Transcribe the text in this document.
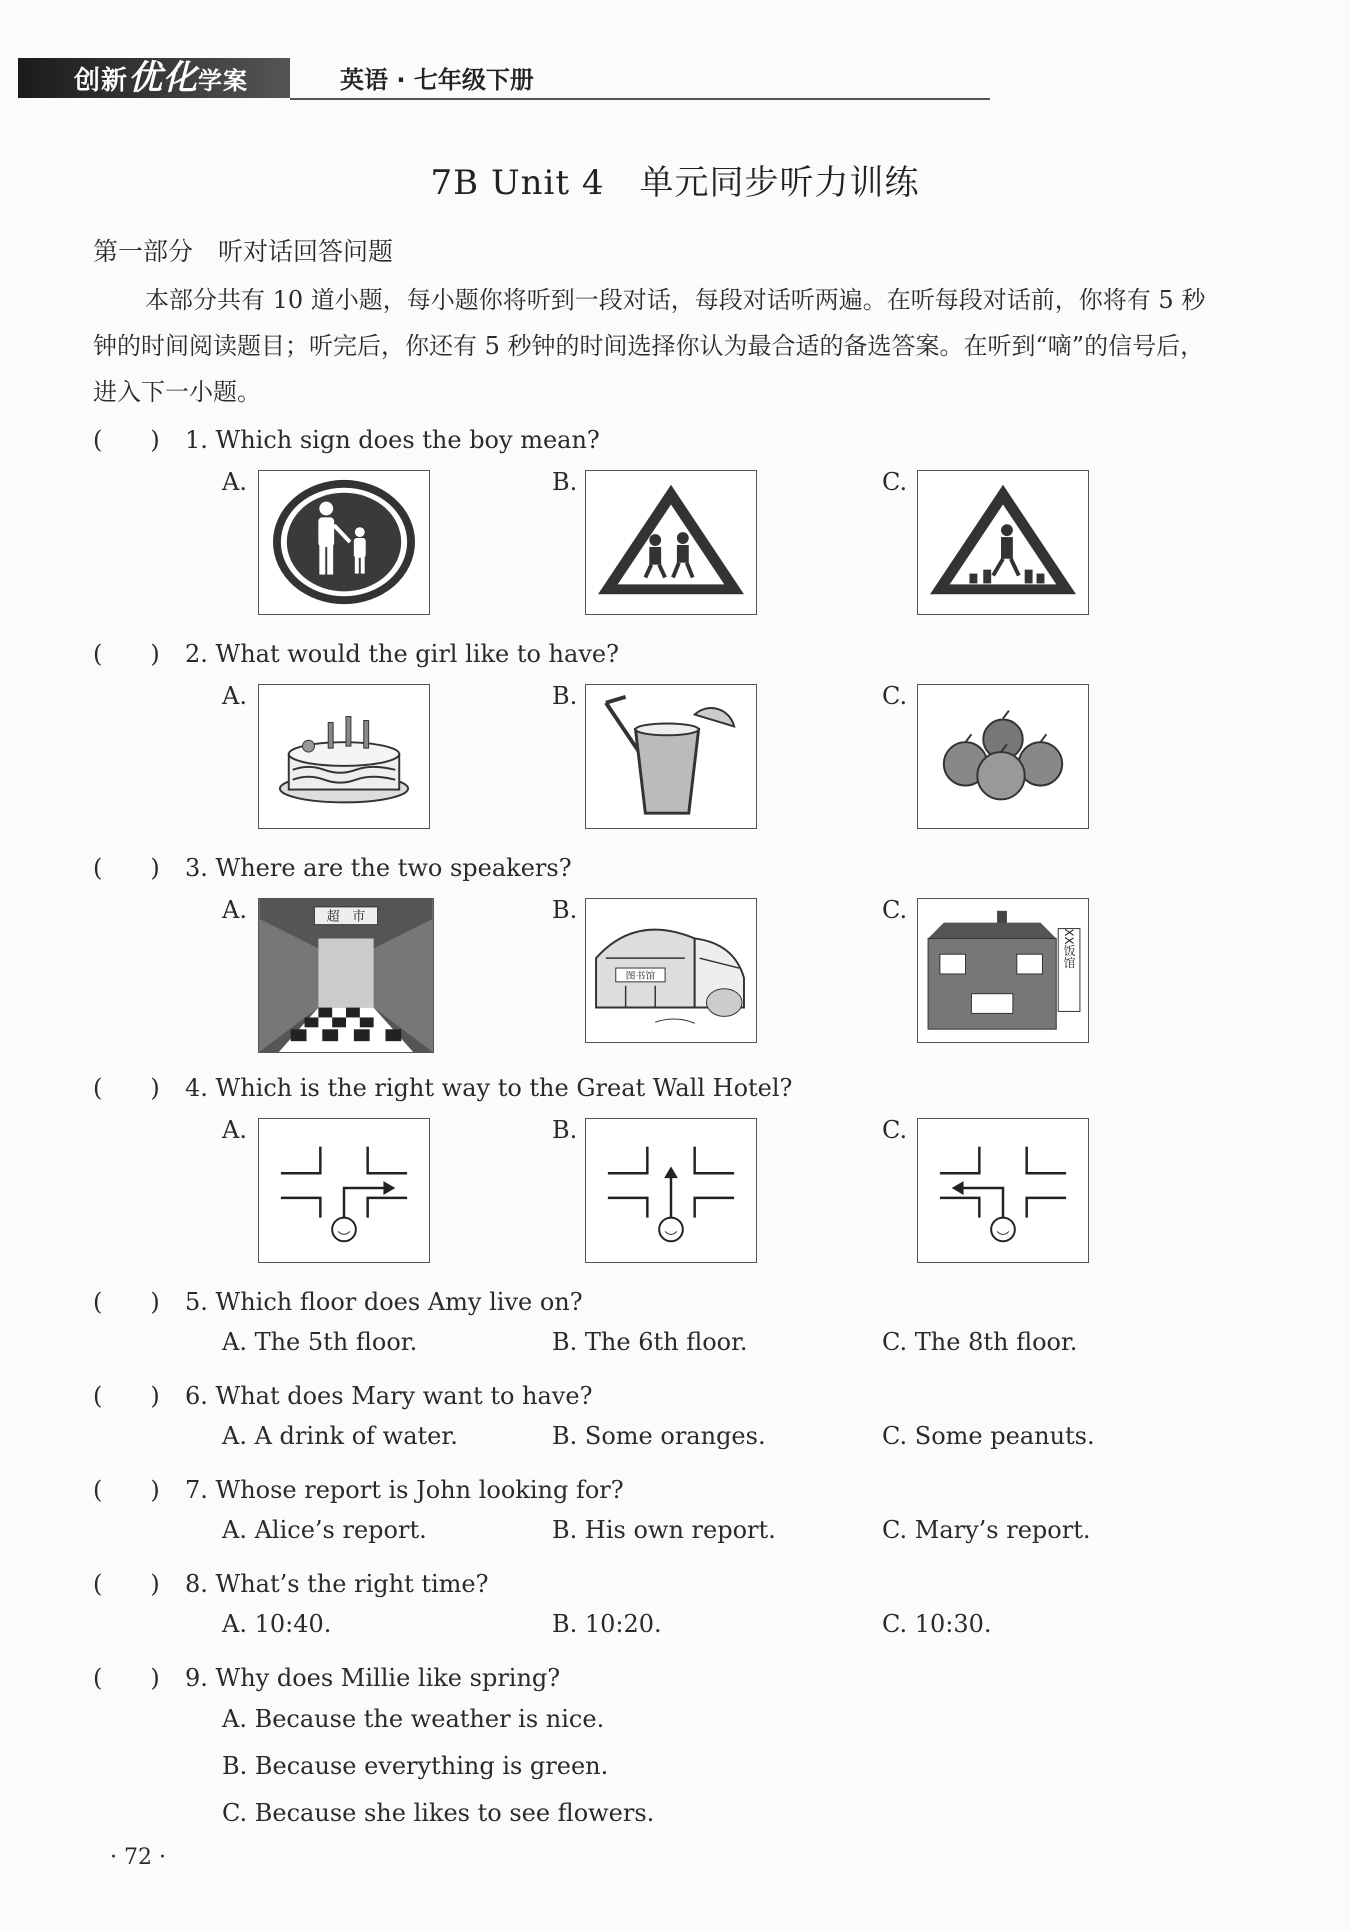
创新优化学案	英语 · 七年级下册
7B Unit 4　单元同步听力训练
第一部分　听对话回答问题
本部分共有 10 道小题，每小题你将听到一段对话，每段对话听两遍。在听每段对话前，你将有 5 秒钟的时间阅读题目；听完后，你还有 5 秒钟的时间选择你认为最合适的备选答案。在听到“嘀”的信号后，进入下一小题。
(　　) 1. Which sign does the boy mean?
A.	B.	C.
(　　) 2. What would the girl like to have?
A.	B.	C.
(　　) 3. Where are the two speakers?
A.	B.	C.
超　市
图书馆
XX饭馆
(　　) 4. Which is the right way to the Great Wall Hotel?
A.	B.	C.
(　　) 5. Which floor does Amy live on?
A. The 5th floor.	B. The 6th floor.	C. The 8th floor.
(　　) 6. What does Mary want to have?
A. A drink of water.	B. Some oranges.	C. Some peanuts.
(　　) 7. Whose report is John looking for?
A. Alice’s report.	B. His own report.	C. Mary’s report.
(　　) 8. What’s the right time?
A. 10:40.	B. 10:20.	C. 10:30.
(　　) 9. Why does Millie like spring?
A. Because the weather is nice.
B. Because everything is green.
C. Because she likes to see flowers.
· 72 ·
